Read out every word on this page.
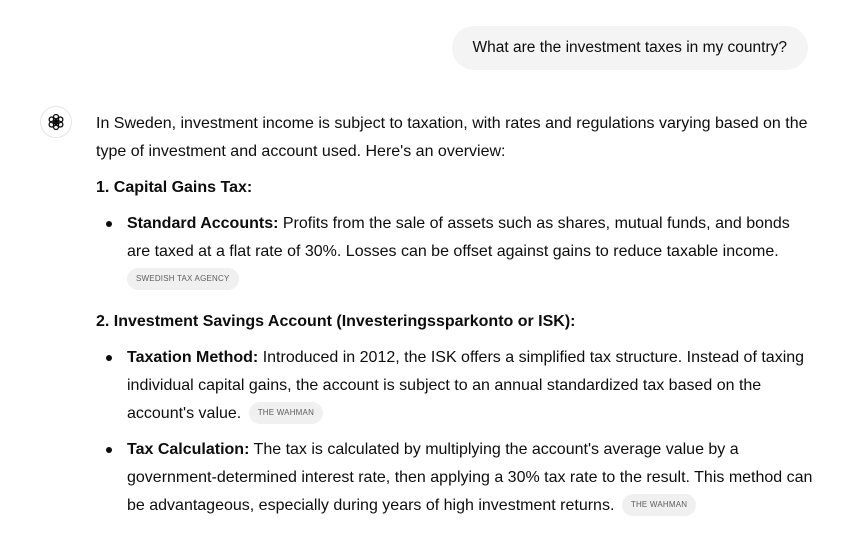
What are the investment taxes in my country?

In Sweden, investment income is subject to taxation, with rates and regulations varying based on the type of investment and account used. Here's an overview:

1. Capital Gains Tax:

Standard Accounts: Profits from the sale of assets such as shares, mutual funds, and bonds are taxed at a flat rate of 30%. Losses can be offset against gains to reduce taxable income.
SWEDISH TAX AGENCY

2. Investment Savings Account (Investeringssparkonto or ISK):

Taxation Method: Introduced in 2012, the ISK offers a simplified tax structure. Instead of taxing individual capital gains, the account is subject to an annual standardized tax based on the account's value. THE WAHMAN
Tax Calculation: The tax is calculated by multiplying the account's average value by a government-determined interest rate, then applying a 30% tax rate to the result. This method can be advantageous, especially during years of high investment returns. THE WAHMAN
